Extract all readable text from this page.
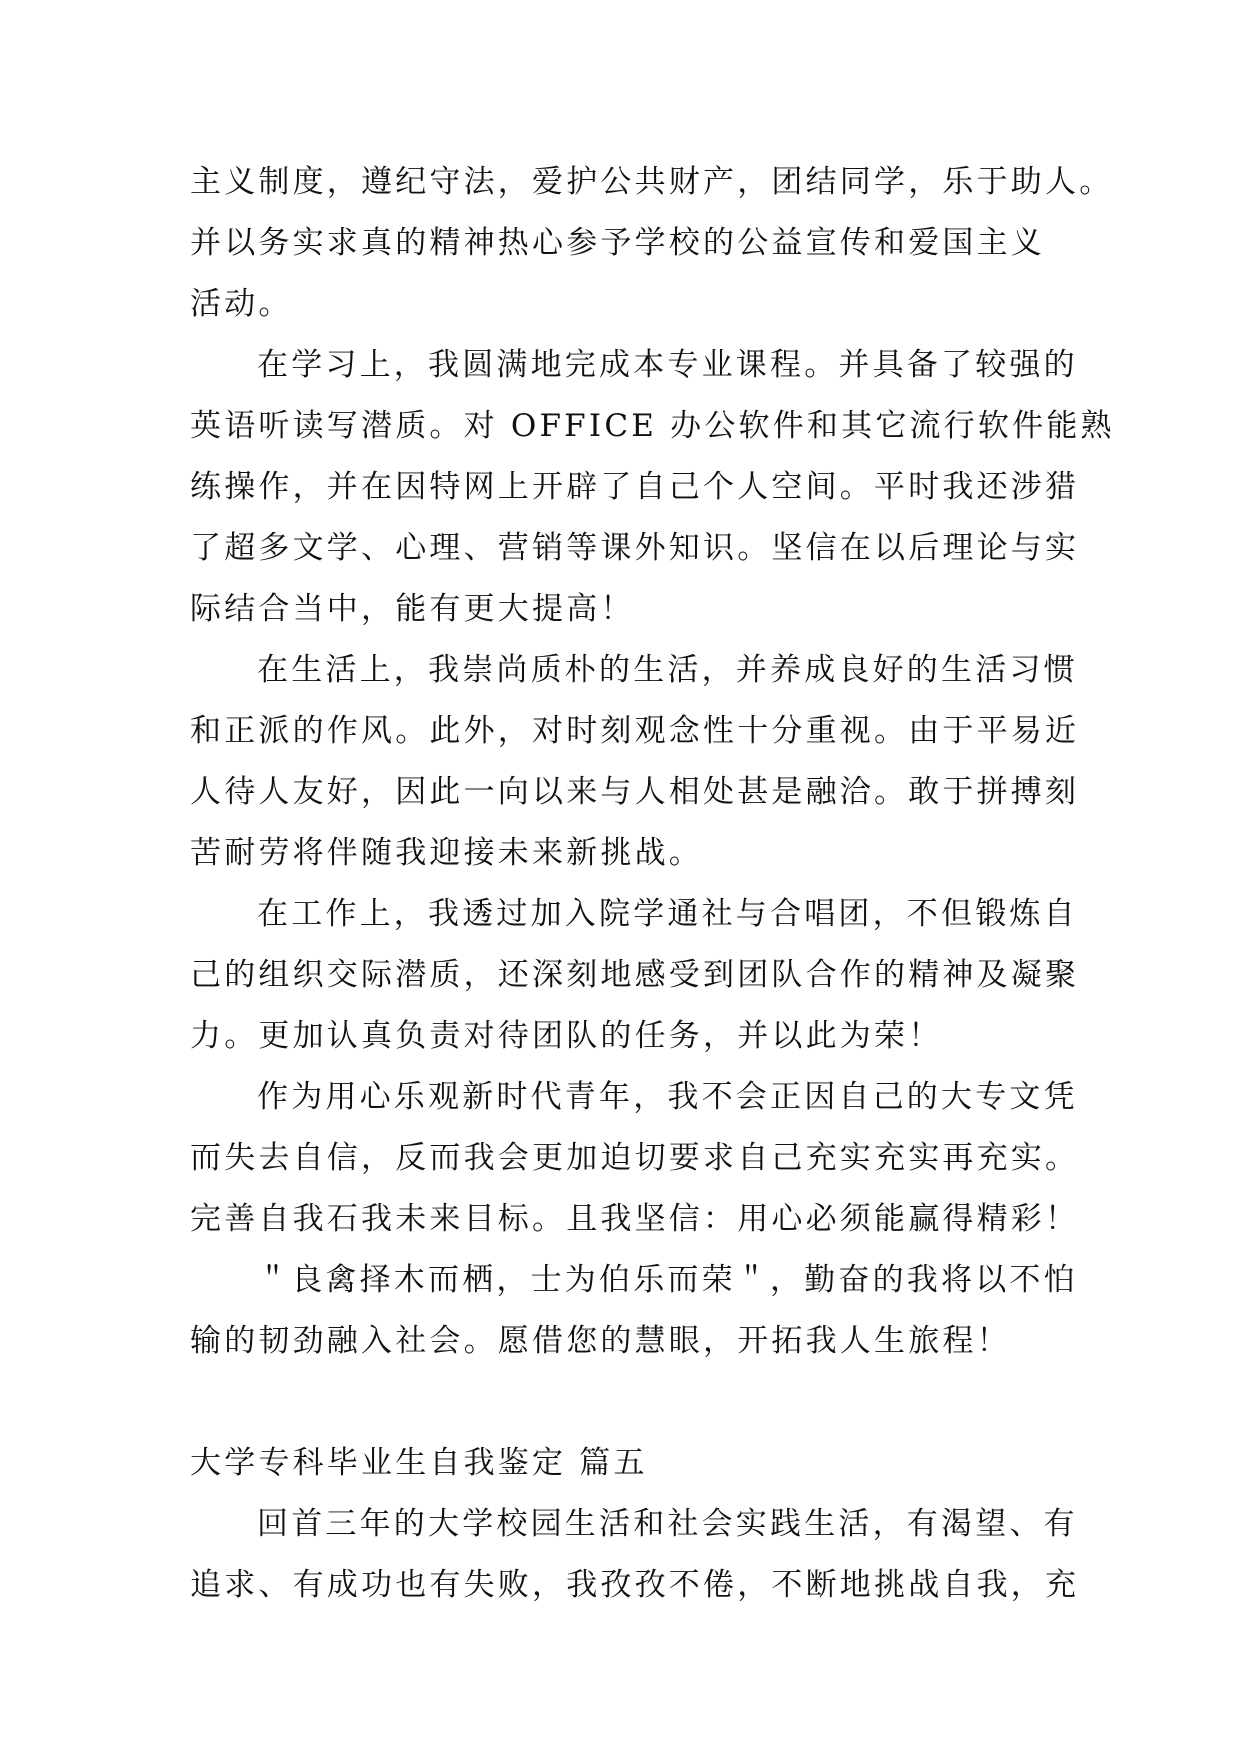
主义制度，遵纪守法，爱护公共财产，团结同学，乐于助人。
并以务实求真的精神热心参予学校的公益宣传和爱国主义
活动。
在学习上，我圆满地完成本专业课程。并具备了较强的
英语听读写潜质。对 OFFICE 办公软件和其它流行软件能熟
练操作，并在因特网上开辟了自己个人空间。平时我还涉猎
了超多文学、心理、营销等课外知识。坚信在以后理论与实
际结合当中，能有更大提高！
在生活上，我崇尚质朴的生活，并养成良好的生活习惯
和正派的作风。此外，对时刻观念性十分重视。由于平易近
人待人友好，因此一向以来与人相处甚是融洽。敢于拼搏刻
苦耐劳将伴随我迎接未来新挑战。
在工作上，我透过加入院学通社与合唱团，不但锻炼自
己的组织交际潜质，还深刻地感受到团队合作的精神及凝聚
力。更加认真负责对待团队的任务，并以此为荣！
作为用心乐观新时代青年，我不会正因自己的大专文凭
而失去自信，反而我会更加迫切要求自己充实充实再充实。
完善自我石我未来目标。且我坚信：用心必须能赢得精彩！
＂良禽择木而栖，士为伯乐而荣＂，勤奋的我将以不怕
输的韧劲融入社会。愿借您的慧眼，开拓我人生旅程！
大学专科毕业生自我鉴定 篇五
回首三年的大学校园生活和社会实践生活，有渴望、有
追求、有成功也有失败，我孜孜不倦，不断地挑战自我，充
